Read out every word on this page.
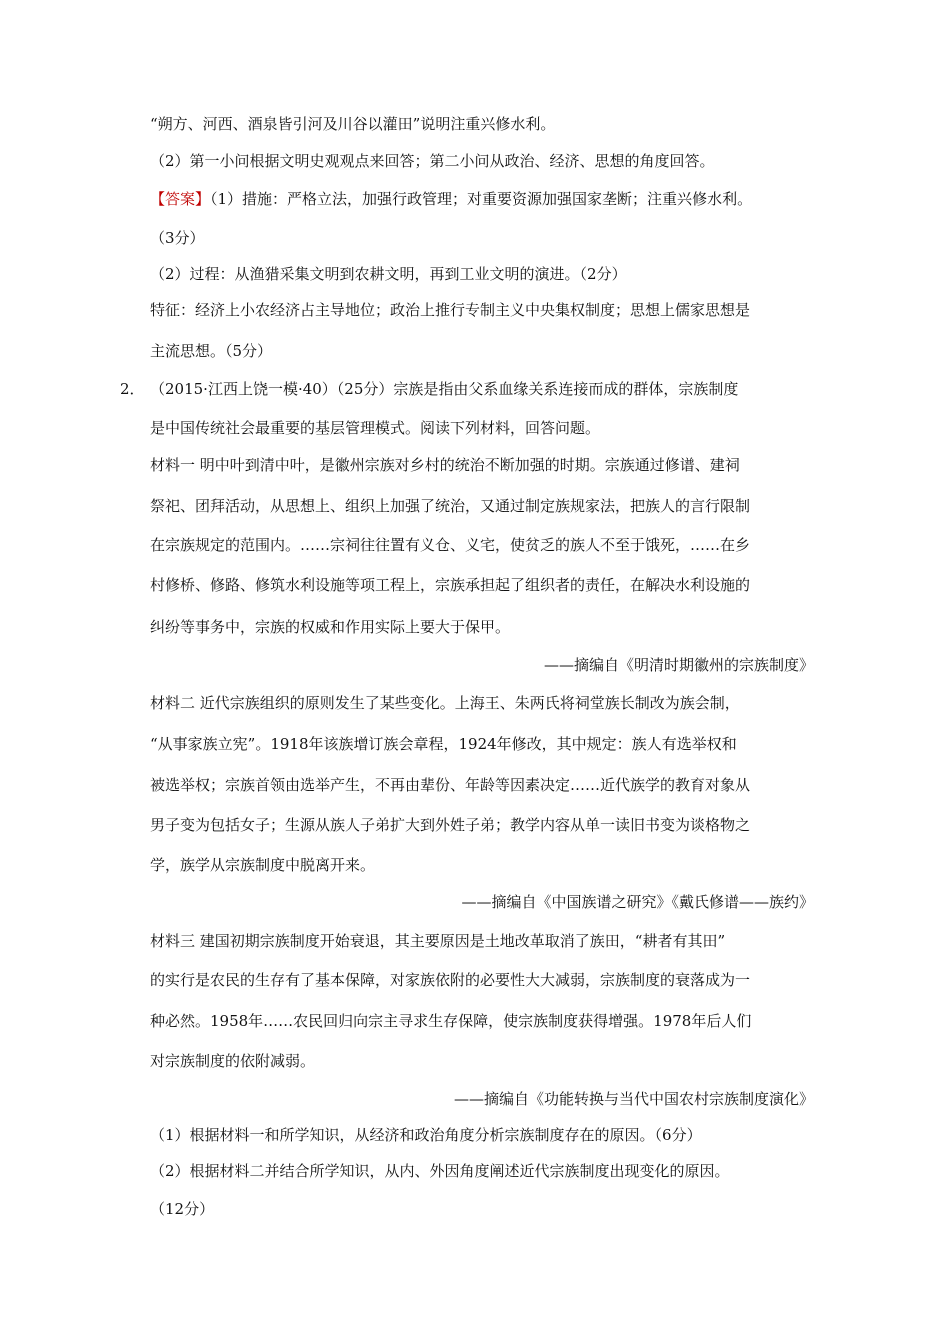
“朔方、河西、酒泉皆引河及川谷以灌田”说明注重兴修水利。
（2）第一小问根据文明史观观点来回答；第二小问从政治、经济、思想的角度回答。
【答案】（1）措施：严格立法，加强行政管理；对重要资源加强国家垄断；注重兴修水利。
（3分）
（2）过程：从渔猎采集文明到农耕文明，再到工业文明的演进。（2分）
特征：经济上小农经济占主导地位；政治上推行专制主义中央集权制度；思想上儒家思想是
主流思想。（5分）
2． （2015·江西上饶一模·40）（25分）宗族是指由父系血缘关系连接而成的群体，宗族制度
是中国传统社会最重要的基层管理模式。阅读下列材料，回答问题。
材料一 明中叶到清中叶，是徽州宗族对乡村的统治不断加强的时期。宗族通过修谱、建祠
祭祀、团拜活动，从思想上、组织上加强了统治，又通过制定族规家法，把族人的言行限制
在宗族规定的范围内。……宗祠往往置有义仓、义宅，使贫乏的族人不至于饿死，……在乡
村修桥、修路、修筑水利设施等项工程上，宗族承担起了组织者的责任，在解决水利设施的
纠纷等事务中，宗族的权威和作用实际上要大于保甲。
——摘编自《明清时期徽州的宗族制度》
材料二 近代宗族组织的原则发生了某些变化。上海王、朱两氏将祠堂族长制改为族会制，
“从事家族立宪”。1918年该族增订族会章程，1924年修改，其中规定：族人有选举权和
被选举权；宗族首领由选举产生，不再由辈份、年龄等因素决定……近代族学的教育对象从
男子变为包括女子；生源从族人子弟扩大到外姓子弟；教学内容从单一读旧书变为谈格物之
学，族学从宗族制度中脱离开来。
——摘编自《中国族谱之研究》《戴氏修谱——族约》
材料三 建国初期宗族制度开始衰退，其主要原因是土地改革取消了族田，“耕者有其田”
的实行是农民的生存有了基本保障，对家族依附的必要性大大减弱，宗族制度的衰落成为一
种必然。1958年……农民回归向宗主寻求生存保障，使宗族制度获得增强。1978年后人们
对宗族制度的依附减弱。
——摘编自《功能转换与当代中国农村宗族制度演化》
（1）根据材料一和所学知识，从经济和政治角度分析宗族制度存在的原因。（6分）
（2）根据材料二并结合所学知识，从内、外因角度阐述近代宗族制度出现变化的原因。
（12分）
